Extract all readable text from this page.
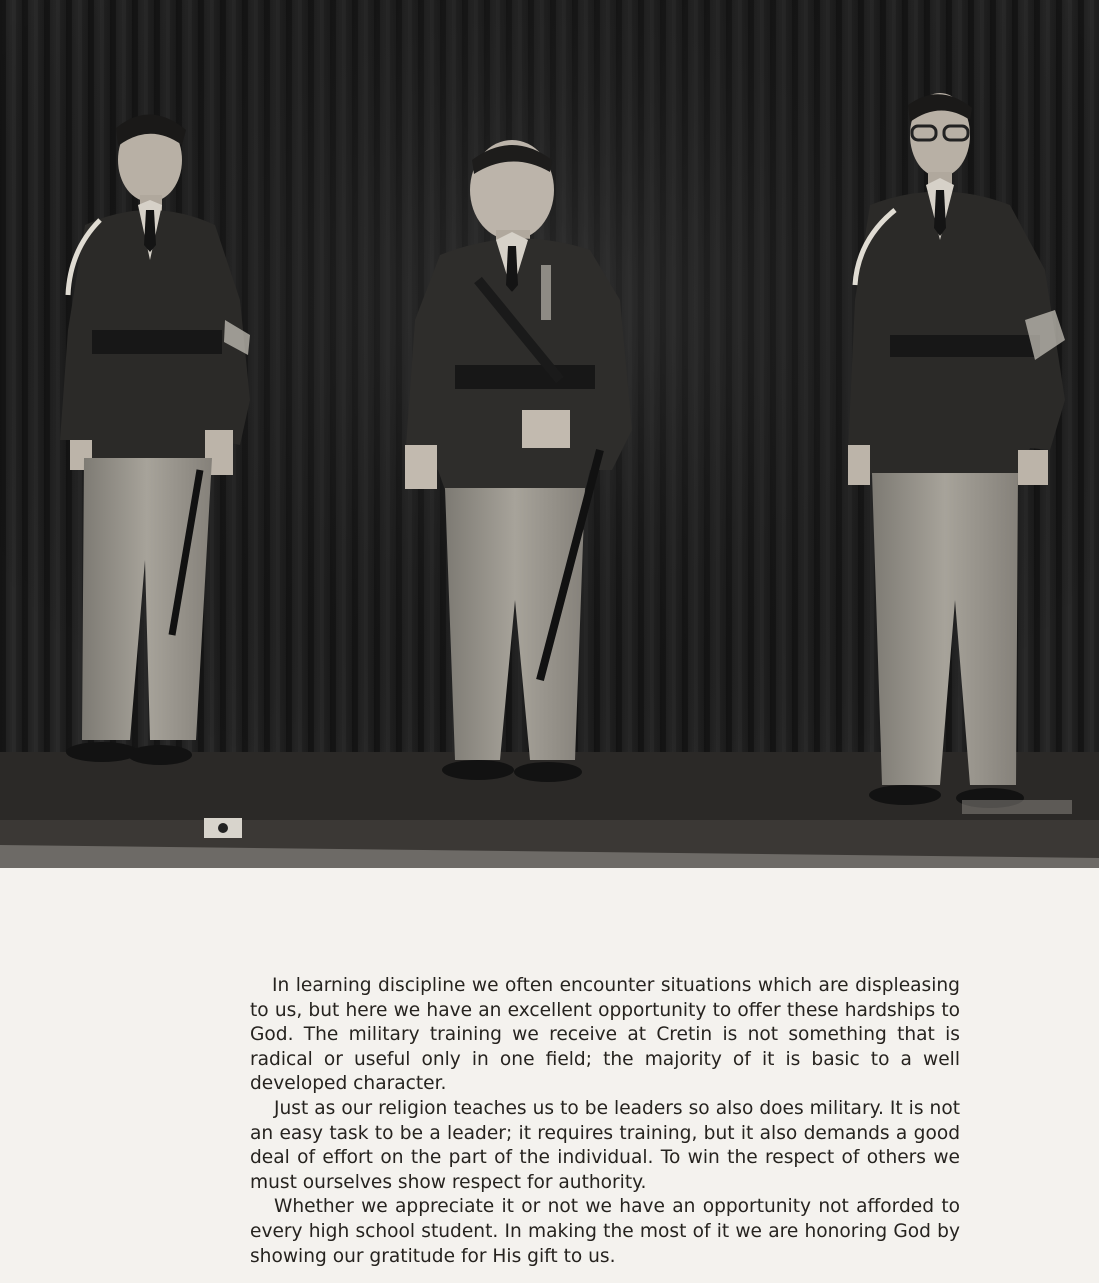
In learning discipline we often encounter situations which are displeasing to us, but here we have an excellent opportunity to offer these hardships to God. The military training we receive at Cretin is not something that is radical or useful only in one field; the majority of it is basic to a well developed character.

Just as our religion teaches us to be leaders so also does military. It is not an easy task to be a leader; it requires training, but it also demands a good deal of effort on the part of the individual. To win the respect of others we must ourselves show respect for authority.

Whether we appreciate it or not we have an opportunity not afforded to every high school student. In making the most of it we are honoring God by showing our gratitude for His gift to us.
